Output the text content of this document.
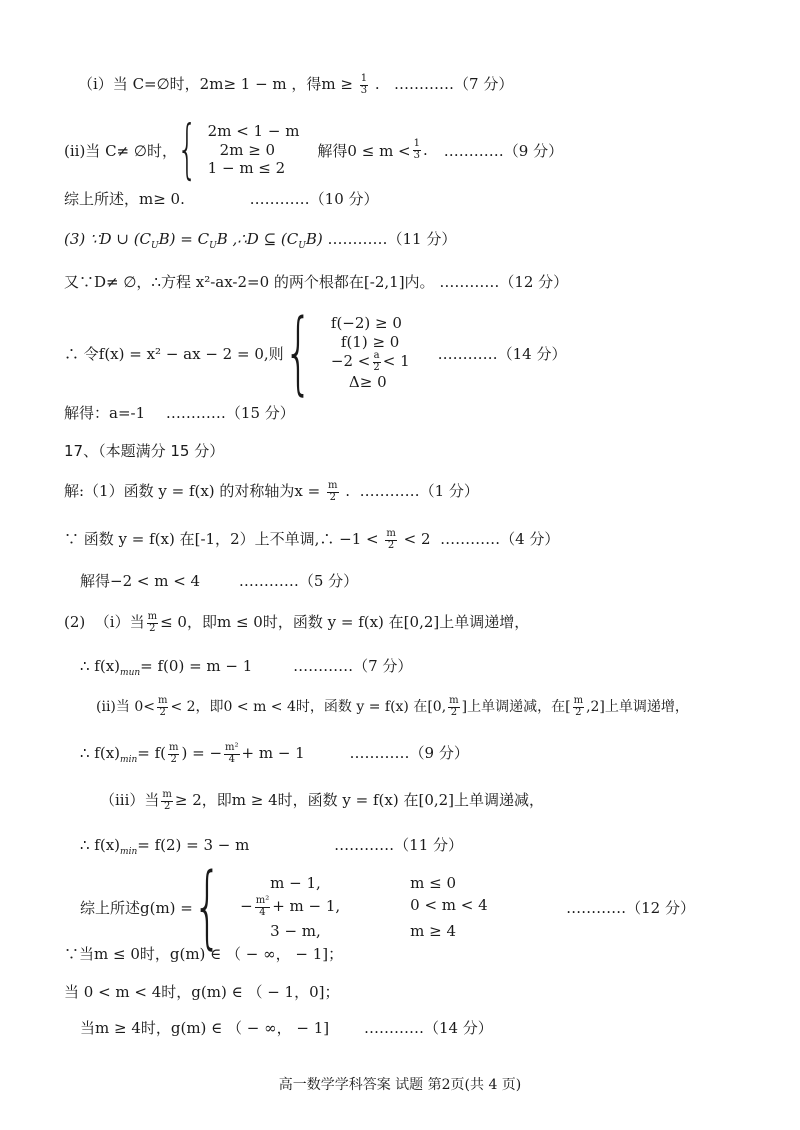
（i）当 C=∅时，2m≥ 1 − m ，得$m \ge \frac{1}{3}$ . …………（7 分）
(ii)当 C≠ ∅时， { 2m < 1 − m
2m ≥ 0
1 − m ≤ 2
解得$0 \le m < \frac{1}{3}$ . …………（9 分）
综上所述，m≥ 0.	…………（10 分）
(3) ∵D ∪ $(C_UB) = C_UB$ ,∴D ⊆ $(C_UB)$ …………（11 分）
又∵D≠ ∅，∴方程 x²-ax-2=0 的两个根都在[-2,1]内。 …………（12 分）
∴ 令f(x) = x² − ax − 2 = 0,则 { f(−2) ≥ 0
f(1) ≥ 0
$-2 < \frac{a}{2} < 1$
Δ≥ 0
…………（14 分）
解得：a=-1 …………（15 分）
17、（本题满分 15 分）
解:（1）函数 y = f(x) 的对称轴为$x = \frac{m}{2}$ . …………（1 分）
∵ 函数 y = f(x) 在[-1，2）上不单调,∴ $-1 < \frac{m}{2} < 2$ …………（4 分）
解得−2 < m < 4	…………（5 分）
(2) （i）当 $\frac{m}{2} \le 0$，即m ≤ 0时，函数 y = f(x) 在[0,2]上单调递增，
∴ $f(x)_{mun}= f(0) = m - 1$	…………（7 分）
(ii)当 $0< \frac{m}{2} < 2$，即0 < m < 4时，函数 y = f(x) 在[0, $\frac{m}{2}$ ]上单调递减，在[ $\frac{m}{2} ,2$]上单调递增，
∴ $f(x)_{min}= f( \frac{m}{2}$ ) = − $\frac{\text{m²}}{4} + m - 1$	…………（9 分）
（iii）当 $\frac{m}{2} \ge 2$，即m ≥ 4时，函数 y = f(x) 在[0,2]上单调递减，
∴ $f(x)_{min}= f(2) = 3 - m$	…………（11 分）
综上所述g(m) = {	m − 1,	m ≤ 0
− $\frac{\text{m²}}{4} + m - 1$,	0 < m < 4
3 − m,	m ≥ 4
…………（12 分）
∵当m ≤ 0时，g(m) ∈ （ − ∞， − 1]；
当 0 < m < 4时，g(m) ∈ （ − 1，0]；
当m ≥ 4时，g(m) ∈ （ − ∞， − 1] …………（14 分）
高一数学学科答案 试题 第2页(共 4 页)
